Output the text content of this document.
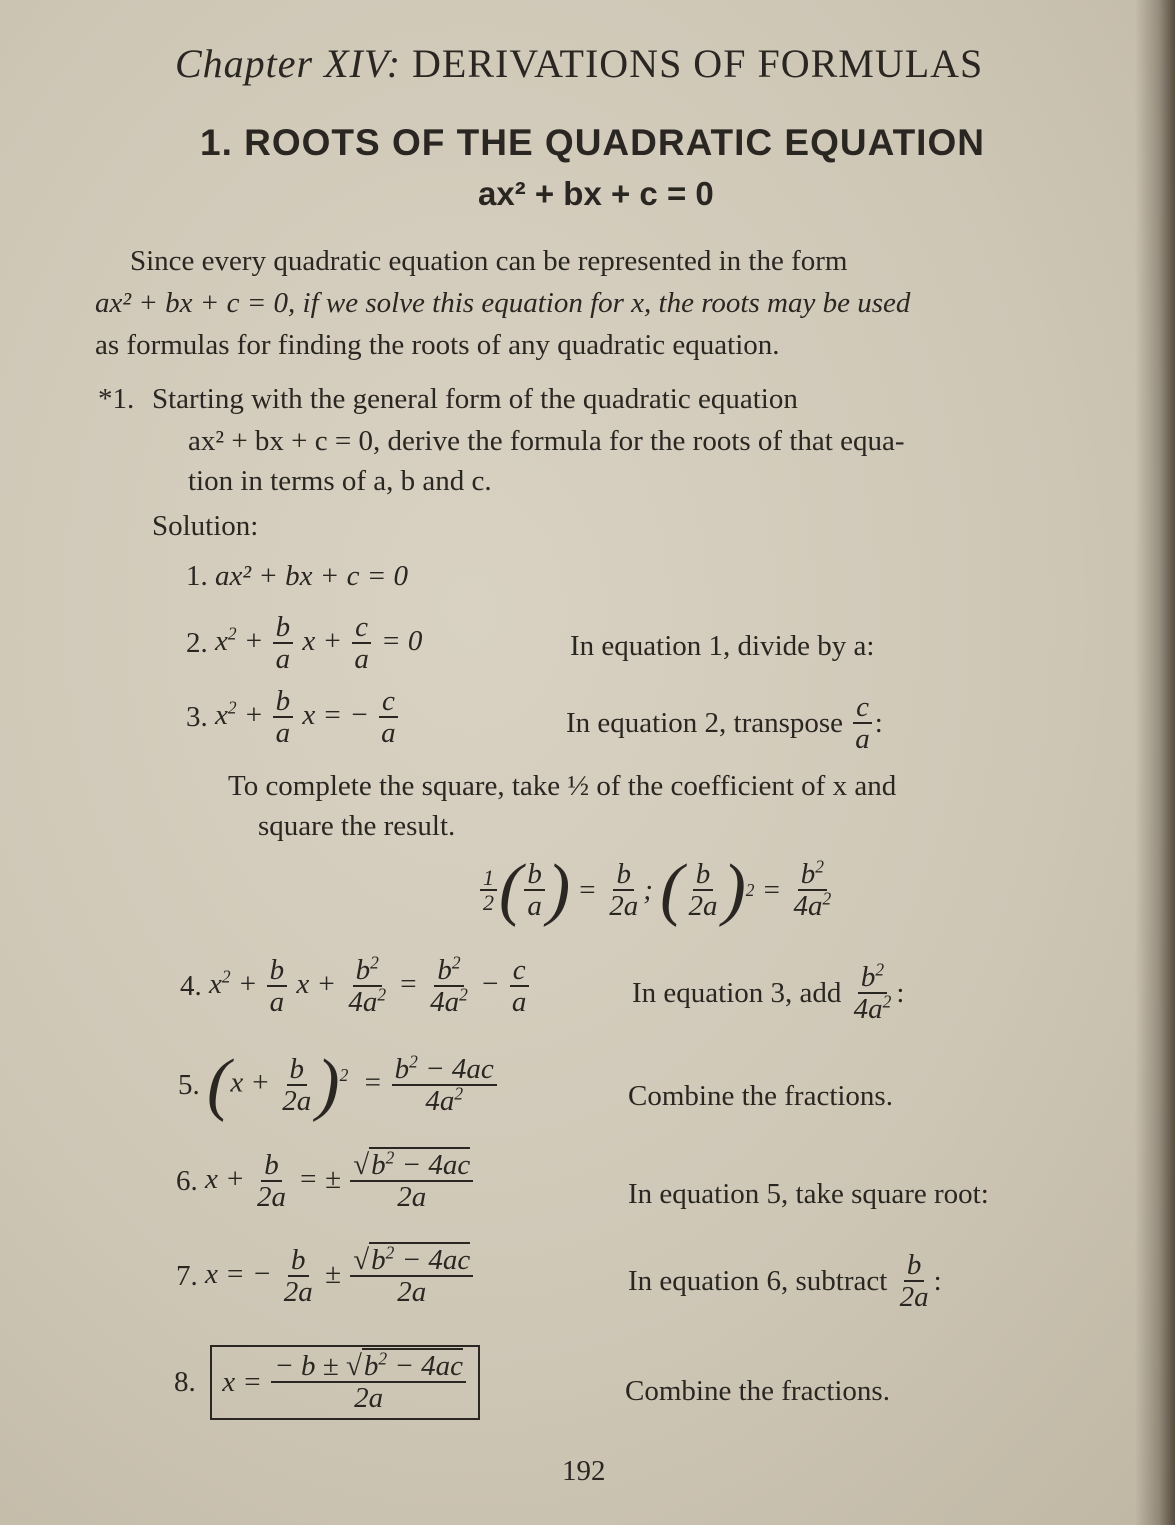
Chapter XIV: DERIVATIONS OF FORMULAS
1. ROOTS OF THE QUADRATIC EQUATION
ax² + bx + c = 0
Since every quadratic equation can be represented in the form
ax² + bx + c = 0, if we solve this equation for x, the roots may be used
as formulas for finding the roots of any quadratic equation.
*1. Starting with the general form of the quadratic equation
ax² + bx + c = 0, derive the formula for the roots of that equa-
tion in terms of a, b and c.
Solution:
1.
ax² + bx + c = 0
2.
$x^2 + \frac{b}{a}$ $x + \frac{c}{a} = 0$	In equation 1, divide by a:
3.
$x^2 + \frac{b}{a}$ x = − $\frac{c}{a}$	In equation 2, transpose
$\frac{c}{a}$ :
To complete the square, take ½ of the coefficient of x and
square the result.
$\frac{1}{2}$ ( $\frac{b}{a}$ ) = $\frac{b}{2a}$ ; ( $\frac{b}{2a}$ ) $2 = \frac{b^2}{4a^2}$
4.
$x^2 + \frac{b}{a}$ $x + \frac{b^2}{4a^2} = \frac{b^2}{4a^2} - \frac{c}{a}$	In equation 3, add
$\frac{b^2}{4a^2}$ :
5.
$(x + \frac{b}{2a} )^2 = \frac{b^2 - 4ac}{4a^2}$	Combine the fractions.
6.
$x + \frac{b}{2a}$ = ± $\frac{√b^2 - 4ac}{2a}$	In equation 5, take square root:
7.
x = − $\frac{b}{2a} \pm \frac{√b^2 - 4ac}{2a}$	In equation 6, subtract
$\frac{b}{2a}$ :
8.
$x = \frac{- b \pm √b^2 - 4ac}{2a}$	Combine the fractions.
192
